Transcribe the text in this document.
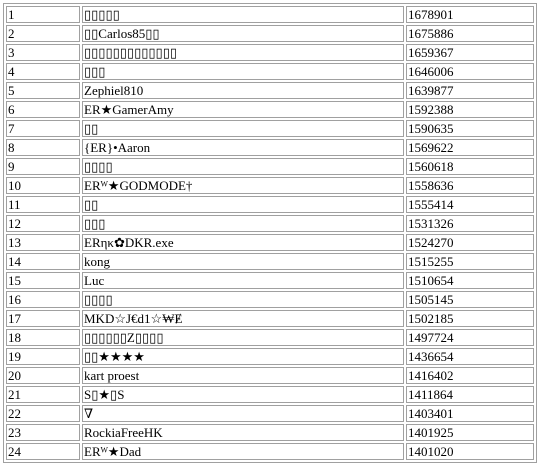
1	▯▯▯▯▯	1678901
2	▯▯Carlos85▯▯	1675886
3	▯▯▯▯▯▯▯▯▯▯▯▯▯	1659367
4	▯▯▯	1646006
5	Zephiel810	1639877
6	ER★GamerAmy	1592388
7	▯▯	1590635
8	{ER}•Aaron	1569622
9	▯▯▯▯	1560618
10	ERᵂ★GODMODE†	1558636
11	▯▯	1555414
12	▯▯▯	1531326
13	ERηκ✿DKR.exe	1524270
14	kong	1515255
15	Luc	1510654
16	▯▯▯▯	1505145
17	MKD☆J€d1☆₩Ɇ	1502185
18	▯▯▯▯▯▯Z▯▯▯▯	1497724
19	▯▯★★★★	1436654
20	kart proest	1416402
21	S▯★▯S	1411864
22	∇	1403401
23	RockiaFreeHK	1401925
24	ERᵂ★Dad	1401020
